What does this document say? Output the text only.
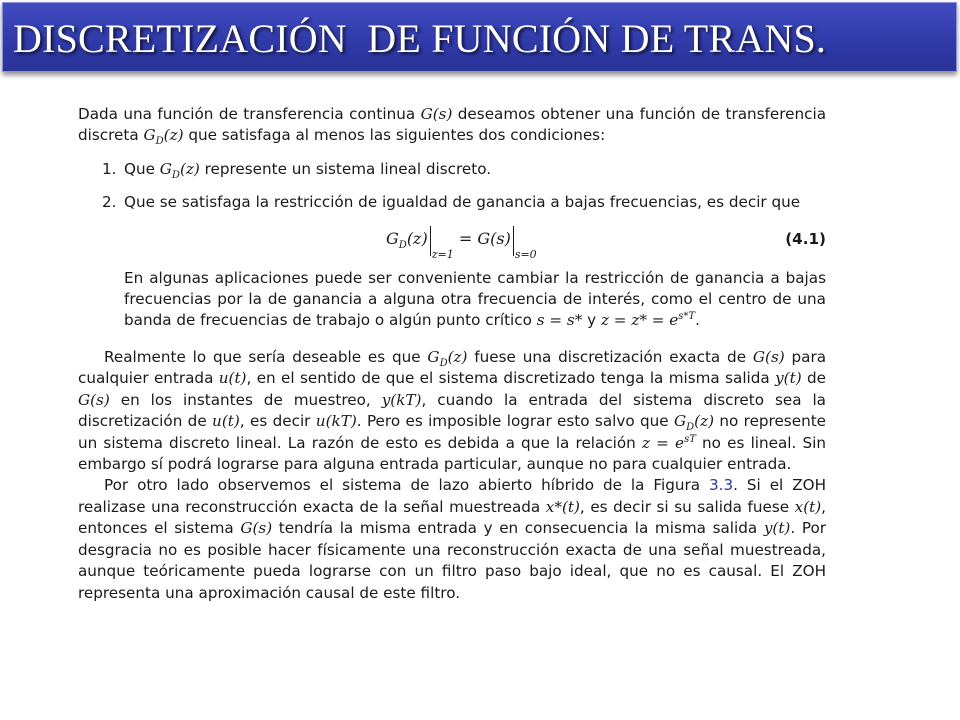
DISCRETIZACIÓN  DE FUNCIÓN DE TRANS.

Dada una función de transferencia continua G(s) deseamos obtener una función de transferencia discreta $G_D(z)$ que satisfaga al menos las siguientes dos condiciones:

1. Que $G_D(z)$ represente un sistema lineal discreto.
2. Que se satisfaga la restricción de igualdad de ganancia a bajas frecuencias, es decir que
$G_D(z)_{z=1} = G(s)_{s=0}$
(4.1)

En algunas aplicaciones puede ser conveniente cambiar la restricción de ganancia a bajas frecuencias por la de ganancia a alguna otra frecuencia de interés, como el centro de una banda de frecuencias de trabajo o algún punto crítico s = s* y $z = z* = e^{s*T}$.

Realmente lo que sería deseable es que $G_D(z)$ fuese una discretización exacta de G(s) para cualquier entrada u(t), en el sentido de que el sistema discretizado tenga la misma salida y(t) de G(s) en los instantes de muestreo, y(kT), cuando la entrada del sistema discreto sea la discretización de u(t), es decir u(kT). Pero es imposible lograr esto salvo que $G_D(z)$ no represente un sistema discreto lineal. La razón de esto es debida a que la relación $z = e^{sT}$ no es lineal. Sin embargo sí podrá lograrse para alguna entrada particular, aunque no para cualquier entrada.

Por otro lado observemos el sistema de lazo abierto híbrido de la Figura 3.3. Si el ZOH realizase una reconstrucción exacta de la señal muestreada x*(t), es decir si su salida fuese x(t), entonces el sistema G(s) tendría la misma entrada y en consecuencia la misma salida y(t). Por desgracia no es posible hacer físicamente una reconstrucción exacta de una señal muestreada, aunque teóricamente pueda lograrse con un filtro paso bajo ideal, que no es causal. El ZOH representa una aproximación causal de este filtro.
